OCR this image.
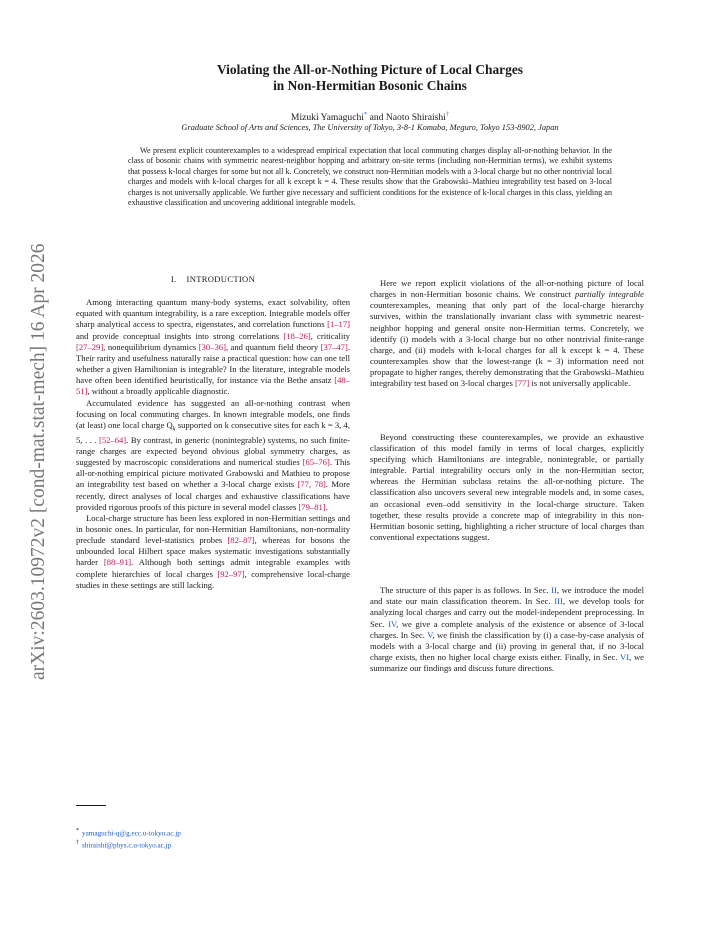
arXiv:2603.10972v2 [cond-mat.stat-mech] 16 Apr 2026
Violating the All-or-Nothing Picture of Local Charges
in Non-Hermitian Bosonic Chains
Mizuki Yamaguchi* and Naoto Shiraishi†
Graduate School of Arts and Sciences, The University of Tokyo, 3-8-1 Komaba, Meguro, Tokyo 153-8902, Japan

We present explicit counterexamples to a widespread empirical expectation that local commuting charges display all-or-nothing behavior. In the class of bosonic chains with symmetric nearest-neighbor hopping and arbitrary on-site terms (including non-Hermitian terms), we exhibit systems that possess k-local charges for some but not all k. Concretely, we construct non-Hermitian models with a 3-local charge but no other nontrivial local charges and models with k-local charges for all k except k = 4. These results show that the Grabowski–Mathieu integrability test based on 3-local charges is not universally applicable. We further give necessary and sufficient conditions for the existence of k-local charges in this class, yielding an exhaustive classification and uncovering additional integrable models.

I. INTRODUCTION

Among interacting quantum many-body systems, exact solvability, often equated with quantum integrability, is a rare exception. Integrable models offer sharp analytical access to spectra, eigenstates, and correlation functions [1–17] and provide conceptual insights into strong correlations [18–26], criticality [27–29], nonequilibrium dynamics [30–36], and quantum field theory [37–47]. Their rarity and usefulness naturally raise a practical question: how can one tell whether a given Hamiltonian is integrable? In the literature, integrable models have often been identified heuristically, for instance via the Bethe ansatz [48–51], without a broadly applicable diagnostic.

Accumulated evidence has suggested an all-or-nothing contrast when focusing on local commuting charges. In known integrable models, one finds (at least) one local charge $Q_k$ supported on k consecutive sites for each k = 3, 4, 5, . . . [52–64]. By contrast, in generic (nonintegrable) systems, no such finite-range charges are expected beyond obvious global symmetry charges, as suggested by macroscopic considerations and numerical studies [65–76]. This all-or-nothing empirical picture motivated Grabowski and Mathieu to propose an integrability test based on whether a 3-local charge exists [77, 78]. More recently, direct analyses of local charges and exhaustive classifications have provided rigorous proofs of this picture in several model classes [79–81].

Local-charge structure has been less explored in non-Hermitian settings and in bosonic ones. In particular, for non-Hermitian Hamiltonians, non-normality preclude standard level-statistics probes [82–87], whereas for bosons the unbounded local Hilbert space makes systematic investigations substantially harder [88–91]. Although both settings admit integrable examples with complete hierarchies of local charges [92–97], comprehensive local-charge studies in these settings are still lacking.

* yamaguchi-q@g.ecc.u-tokyo.ac.jp
† shiraishi@phys.c.u-tokyo.ac.jp

Here we report explicit violations of the all-or-nothing picture of local charges in non-Hermitian bosonic chains. We construct partially integrable counterexamples, meaning that only part of the local-charge hierarchy survives, within the translationally invariant class with symmetric nearest-neighbor hopping and general onsite non-Hermitian terms. Concretely, we identify (i) models with a 3-local charge but no other nontrivial finite-range charge, and (ii) models with k-local charges for all k except k = 4. These counterexamples show that the lowest-range (k = 3) information need not propagate to higher ranges, thereby demonstrating that the Grabowski–Mathieu integrability test based on 3-local charges [77] is not universally applicable.

Beyond constructing these counterexamples, we provide an exhaustive classification of this model family in terms of local charges, explicitly specifying which Hamiltonians are integrable, nonintegrable, or partially integrable. Partial integrability occurs only in the non-Hermitian sector, whereas the Hermitian subclass retains the all-or-nothing picture. The classification also uncovers several new integrable models and, in some cases, an occasional even–odd sensitivity in the local-charge structure. Taken together, these results provide a concrete map of integrability in this non-Hermitian bosonic setting, highlighting a richer structure of local charges than conventional expectations suggest.

The structure of this paper is as follows. In Sec. II, we introduce the model and state our main classification theorem. In Sec. III, we develop tools for analyzing local charges and carry out the model-independent preprocessing. In Sec. IV, we give a complete analysis of the existence or absence of 3-local charges. In Sec. V, we finish the classification by (i) a case-by-case analysis of models with a 3-local charge and (ii) proving in general that, if no 3-local charge exists, then no higher local charge exists either. Finally, in Sec. VI, we summarize our findings and discuss future directions.
